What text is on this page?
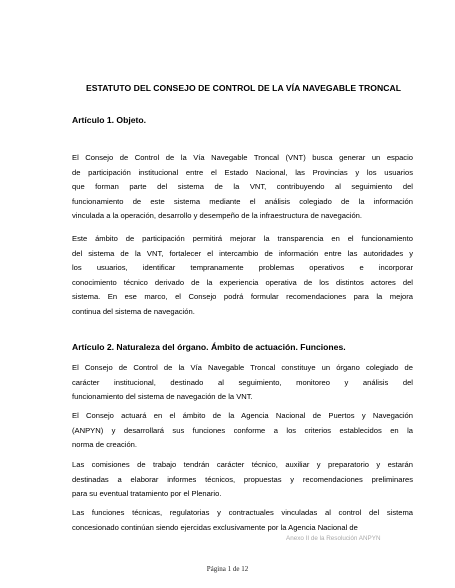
ESTATUTO DEL CONSEJO DE CONTROL DE LA VÍA NAVEGABLE TRONCAL
Artículo 1. Objeto.
El Consejo de Control de la Vía Navegable Troncal (VNT) busca generar un espacio
de participación institucional entre el Estado Nacional, las Provincias y los usuarios
que forman parte del sistema de la VNT, contribuyendo al seguimiento del
funcionamiento de este sistema mediante el análisis colegiado de la información
vinculada a la operación, desarrollo y desempeño de la infraestructura de navegación.
Este ámbito de participación permitirá mejorar la transparencia en el funcionamiento
del sistema de la VNT, fortalecer el intercambio de información entre las autoridades y
los usuarios, identificar tempranamente problemas operativos e incorporar
conocimiento técnico derivado de la experiencia operativa de los distintos actores del
sistema. En ese marco, el Consejo podrá formular recomendaciones para la mejora
continua del sistema de navegación.
Artículo 2. Naturaleza del órgano. Ámbito de actuación. Funciones.
El Consejo de Control de la Vía Navegable Troncal constituye un órgano colegiado de
carácter institucional, destinado al seguimiento, monitoreo y análisis del
funcionamiento del sistema de navegación de la VNT.
El Consejo actuará en el ámbito de la Agencia Nacional de Puertos y Navegación
(ANPYN) y desarrollará sus funciones conforme a los criterios establecidos en la
norma de creación.
Las comisiones de trabajo tendrán carácter técnico, auxiliar y preparatorio y estarán
destinadas a elaborar informes técnicos, propuestas y recomendaciones preliminares
para su eventual tratamiento por el Plenario.
Las funciones técnicas, regulatorias y contractuales vinculadas al control del sistema
concesionado continúan siendo ejercidas exclusivamente por la Agencia Nacional de
Anexo II de la Resolución ANPYN

Página 1 de 12
